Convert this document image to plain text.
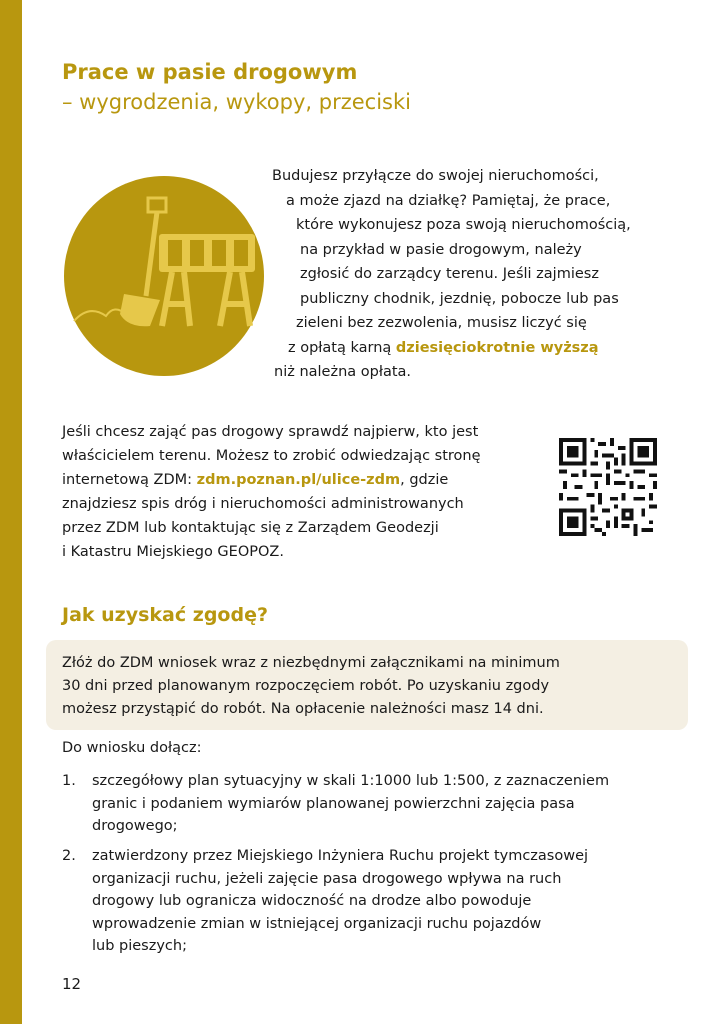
Prace w pasie drogowym
– wygrodzenia, wykopy, przeciski
Budujesz przyłącze do swojej nieruchomości,
a może zjazd na działkę? Pamiętaj, że prace,
które wykonujesz poza swoją nieruchomością,
na przykład w pasie drogowym, należy
zgłosić do zarządcy terenu. Jeśli zajmiesz
publiczny chodnik, jezdnię, pobocze lub pas
zieleni bez zezwolenia, musisz liczyć się
z opłatą karną dziesięciokrotnie wyższą
niż należna opłata.
Jeśli chcesz zająć pas drogowy sprawdź najpierw, kto jest
właścicielem terenu. Możesz to zrobić odwiedzając stronę
internetową ZDM: zdm.poznan.pl/ulice-zdm, gdzie
znajdziesz spis dróg i nieruchomości administrowanych
przez ZDM lub kontaktując się z Zarządem Geodezji
i Katastru Miejskiego GEOPOZ.
Jak uzyskać zgodę?
Złóż do ZDM wniosek wraz z niezbędnymi załącznikami na minimum
30 dni przed planowanym rozpoczęciem robót. Po uzyskaniu zgody
możesz przystąpić do robót. Na opłacenie należności masz 14 dni.
Do wniosku dołącz:
1. szczegółowy plan sytuacyjny w skali 1:1000 lub 1:500, z zaznaczeniem
granic i podaniem wymiarów planowanej powierzchni zajęcia pasa
drogowego;
2. zatwierdzony przez Miejskiego Inżyniera Ruchu projekt tymczasowej
organizacji ruchu, jeżeli zajęcie pasa drogowego wpływa na ruch
drogowy lub ogranicza widoczność na drodze albo powoduje
wprowadzenie zmian w istniejącej organizacji ruchu pojazdów
lub pieszych;
12
